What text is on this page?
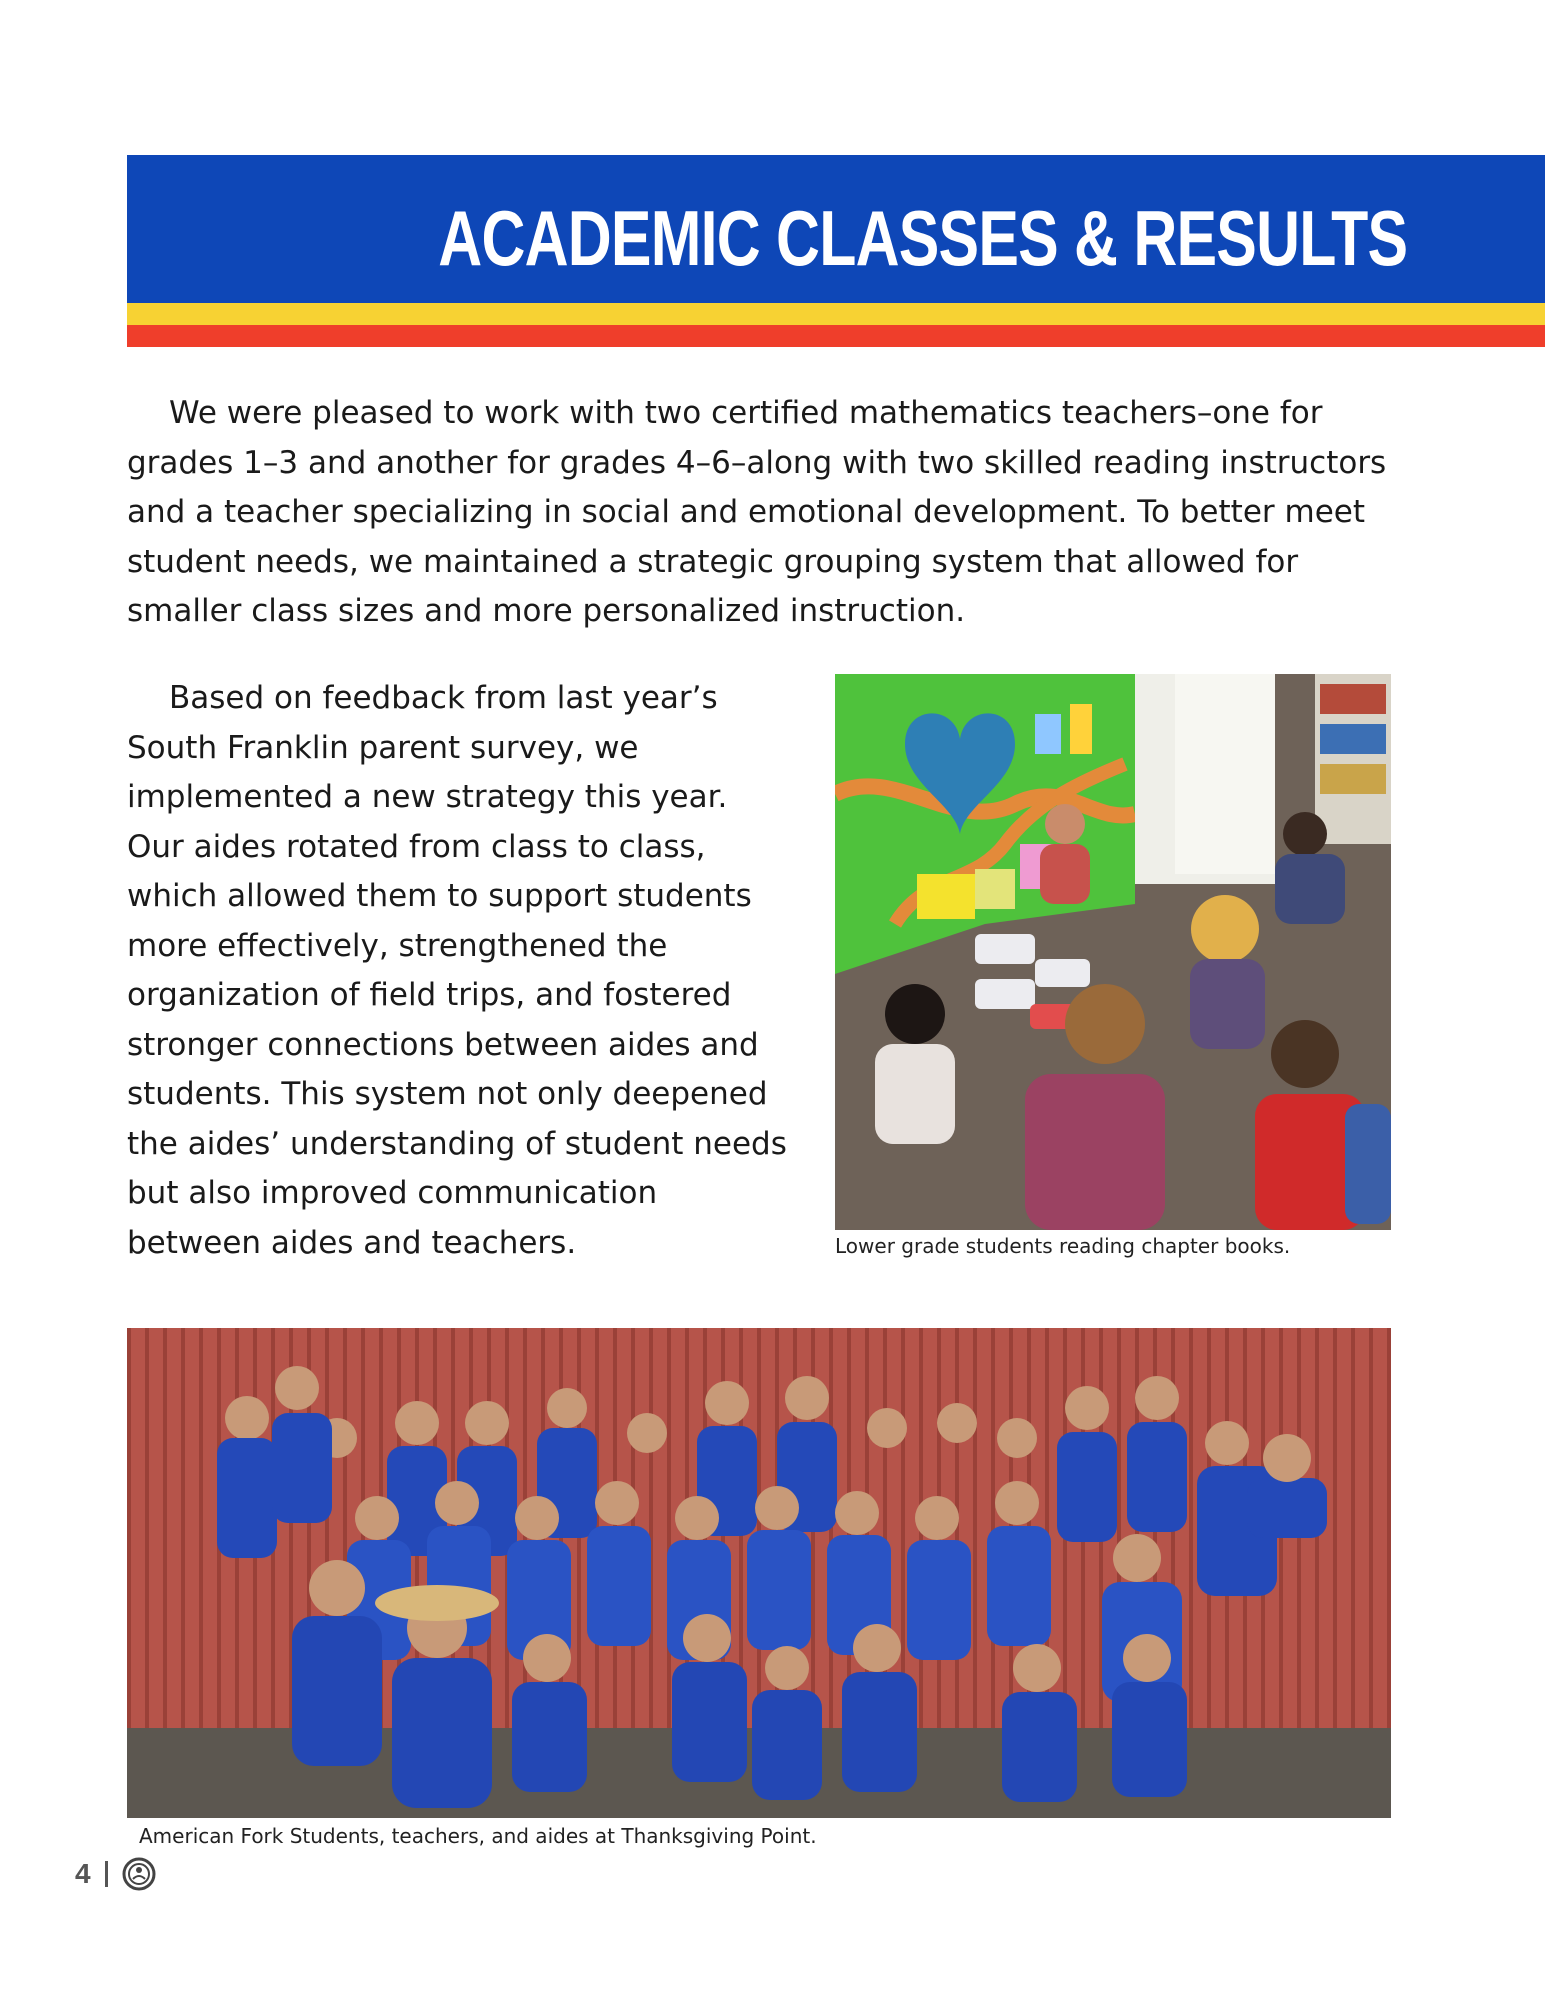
ACADEMIC CLASSES & RESULTS

We were pleased to work with two certified mathematics teachers–one for grades 1–3 and another for grades 4–6–along with two skilled reading instructors and a teacher specializing in social and emotional development. To better meet student needs, we maintained a strategic grouping system that allowed for smaller class sizes and more personalized instruction.

Based on feedback from last year’s South Franklin parent survey, we implemented a new strategy this year. Our aides rotated from class to class, which allowed them to support students more effectively, strengthened the organization of field trips, and fostered stronger connections between aides and students. This system not only deepened the aides’ understanding of student needs but also improved communication between aides and teachers.	Lower grade students reading chapter books.

American Fork Students, teachers, and aides at Thanksgiving Point.

4
